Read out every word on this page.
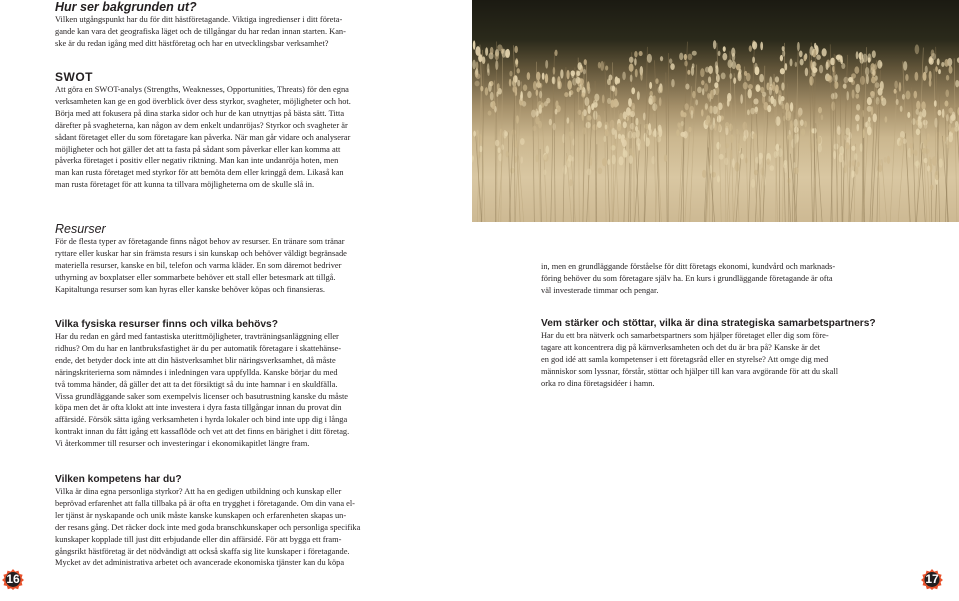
Hur ser bakgrunden ut?

Vilken utgångspunkt har du för ditt hästföretagande. Viktiga ingredienser i ditt företa-

gande kan vara det geografiska läget och de tillgångar du har redan innan starten. Kan-

ske är du redan igång med ditt hästföretag och har en utvecklingsbar verksamhet?

SWOT

Att göra en SWOT-analys (Strengths, Weaknesses, Opportunities, Threats) för den egna

verksamheten kan ge en god överblick över dess styrkor, svagheter, möjligheter och hot.

Börja med att fokusera på dina starka sidor och hur de kan utnyttjas på bästa sätt. Titta

därefter på svagheterna, kan någon av dem enkelt undanröjas? Styrkor och svagheter är

sådant företaget eller du som företagare kan påverka. När man går vidare och analyserar

möjligheter och hot gäller det att ta fasta på sådant som påverkar eller kan komma att

påverka företaget i positiv eller negativ riktning. Man kan inte undanröja hoten, men

man kan rusta företaget med styrkor för att bemöta dem eller kringgå dem. Likaså kan

man rusta företaget för att kunna ta tillvara möjligheterna om de skulle slå in.

Resurser

För de flesta typer av företagande finns något behov av resurser. En tränare som tränar

ryttare eller kuskar har sin främsta resurs i sin kunskap och behöver väldigt begränsade

materiella resurser, kanske en bil, telefon och varma kläder. En som däremot bedriver

uthyrning av boxplatser eller sommarbete behöver ett stall eller betesmark att tillgå.

Kapitaltunga resurser som kan hyras eller kanske behöver köpas och finansieras.

Vilka fysiska resurser finns och vilka behövs?

Har du redan en gård med fantastiska uterittmöjligheter, travträningsanläggning eller

ridhus? Om du har en lantbruksfastighet är du per automatik företagare i skattehänse-

ende, det betyder dock inte att din hästverksamhet blir näringsverksamhet, då måste

näringskriterierna som nämndes i inledningen vara uppfyllda. Kanske börjar du med

två tomma händer, då gäller det att ta det försiktigt så du inte hamnar i en skuldfälla.

Vissa grundläggande saker som exempelvis licenser och basutrustning kanske du måste

köpa men det är ofta klokt att inte investera i dyra fasta tillgångar innan du provat din

affärsidé. Försök sätta igång verksamheten i hyrda lokaler och bind inte upp dig i långa

kontrakt innan du fått igång ett kassaflöde och vet att det finns en bärighet i ditt företag.

Vi återkommer till resurser och investeringar i ekonomikapitlet längre fram.

Vilken kompetens har du?

Vilka är dina egna personliga styrkor? Att ha en gedigen utbildning och kunskap eller

beprövad erfarenhet att falla tillbaka på är ofta en trygghet i företagande. Om din vana el-

ler tjänst är nyskapande och unik måste kanske kunskapen och erfarenheten skapas un-

der resans gång. Det räcker dock inte med goda branschkunskaper och personliga specifika

kunskaper kopplade till just ditt erbjudande eller din affärsidé. För att bygga ett fram-

gångsrikt hästföretag är det nödvändigt att också skaffa sig lite kunskaper i företagande.

Mycket av det administrativa arbetet och avancerade ekonomiska tjänster kan du köpa

16

in, men en grundläggande förståelse för ditt företags ekonomi, kundvård och marknads-

föring behöver du som företagare själv ha. En kurs i grundläggande företagande är ofta

väl investerade timmar och pengar.

Vem stärker och stöttar, vilka är dina strategiska samarbetspartners?

Har du ett bra nätverk och samarbetspartners som hjälper företaget eller dig som före-

tagare att koncentrera dig på kärnverksamheten och det du är bra på? Kanske är det

en god idé att samla kompetenser i ett företagsråd eller en styrelse? Att omge dig med

människor som lyssnar, förstår, stöttar och hjälper till kan vara avgörande för att du skall

orka ro dina företagsidéer i hamn.

17
